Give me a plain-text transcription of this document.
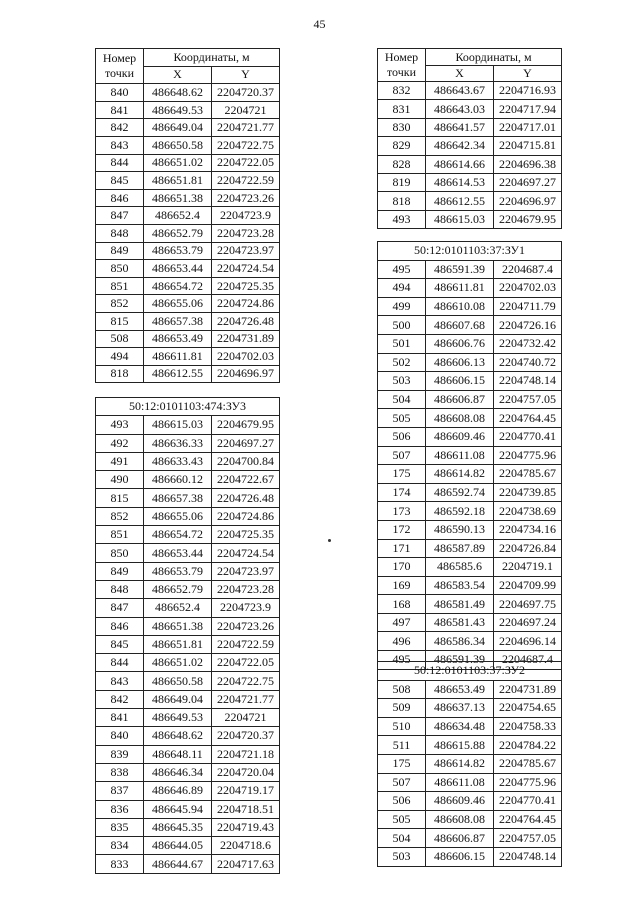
45
Номер точки	Координаты, м	
	X	Y
840	486648.62	2204720.37
841	486649.53	2204721
842	486649.04	2204721.77
843	486650.58	2204722.75
844	486651.02	2204722.05
845	486651.81	2204722.59
846	486651.38	2204723.26
847	486652.4	2204723.9
848	486652.79	2204723.28
849	486653.79	2204723.97
850	486653.44	2204724.54
851	486654.72	2204725.35
852	486655.06	2204724.86
815	486657.38	2204726.48
508	486653.49	2204731.89
494	486611.81	2204702.03
818	486612.55	2204696.97
50:12:0101103:474:ЗУ3		
493	486615.03	2204679.95
492	486636.33	2204697.27
491	486633.43	2204700.84
490	486660.12	2204722.67
815	486657.38	2204726.48
852	486655.06	2204724.86
851	486654.72	2204725.35
850	486653.44	2204724.54
849	486653.79	2204723.97
848	486652.79	2204723.28
847	486652.4	2204723.9
846	486651.38	2204723.26
845	486651.81	2204722.59
844	486651.02	2204722.05
843	486650.58	2204722.75
842	486649.04	2204721.77
841	486649.53	2204721
840	486648.62	2204720.37
839	486648.11	2204721.18
838	486646.34	2204720.04
837	486646.89	2204719.17
836	486645.94	2204718.51
835	486645.35	2204719.43
834	486644.05	2204718.6
833	486644.67	2204717.63
Номер точки	Координаты, м	
	X	Y
832	486643.67	2204716.93
831	486643.03	2204717.94
830	486641.57	2204717.01
829	486642.34	2204715.81
828	486614.66	2204696.38
819	486614.53	2204697.27
818	486612.55	2204696.97
493	486615.03	2204679.95
50:12:0101103:37:ЗУ1		
495	486591.39	2204687.4
494	486611.81	2204702.03
499	486610.08	2204711.79
500	486607.68	2204726.16
501	486606.76	2204732.42
502	486606.13	2204740.72
503	486606.15	2204748.14
504	486606.87	2204757.05
505	486608.08	2204764.45
506	486609.46	2204770.41
507	486611.08	2204775.96
175	486614.82	2204785.67
174	486592.74	2204739.85
173	486592.18	2204738.69
172	486590.13	2204734.16
171	486587.89	2204726.84
170	486585.6	2204719.1
169	486583.54	2204709.99
168	486581.49	2204697.75
497	486581.43	2204697.24
496	486586.34	2204696.14
495	486591.39	2204687.4
50:12:0101103:37:ЗУ2		
508	486653.49	2204731.89
509	486637.13	2204754.65
510	486634.48	2204758.33
511	486615.88	2204784.22
175	486614.82	2204785.67
507	486611.08	2204775.96
506	486609.46	2204770.41
505	486608.08	2204764.45
504	486606.87	2204757.05
503	486606.15	2204748.14
